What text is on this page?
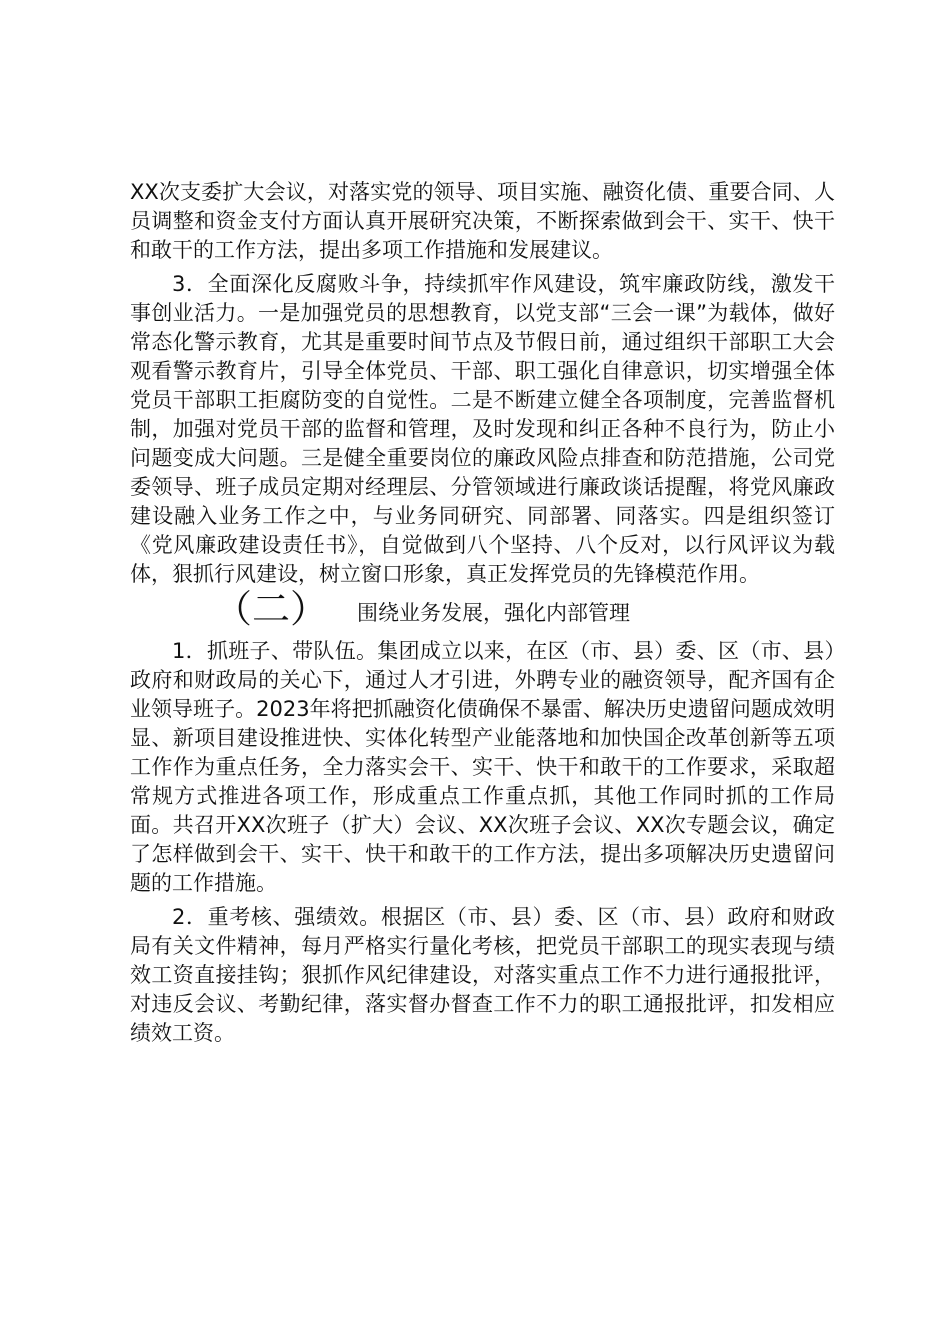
XX次支委扩大会议，对落实党的领导、项目实施、融资化债、重要合同、人员调整和资金支付方面认真开展研究决策，不断探索做到会干、实干、快干和敢干的工作方法，提出多项工作措施和发展建议。

3．全面深化反腐败斗争，持续抓牢作风建设，筑牢廉政防线，激发干事创业活力。一是加强党员的思想教育，以党支部“三会一课”为载体，做好常态化警示教育，尤其是重要时间节点及节假日前，通过组织干部职工大会观看警示教育片，引导全体党员、干部、职工强化自律意识，切实增强全体党员干部职工拒腐防变的自觉性。二是不断建立健全各项制度，完善监督机制，加强对党员干部的监督和管理，及时发现和纠正各种不良行为，防止小问题变成大问题。三是健全重要岗位的廉政风险点排查和防范措施，公司党委领导、班子成员定期对经理层、分管领域进行廉政谈话提醒，将党风廉政建设融入业务工作之中，与业务同研究、同部署、同落实。四是组织签订《党风廉政建设责任书》，自觉做到八个坚持、八个反对，以行风评议为载体，狠抓行风建设，树立窗口形象，真正发挥党员的先锋模范作用。

（二） 围绕业务发展，强化内部管理

1．抓班子、带队伍。集团成立以来，在区（市、县）委、区（市、县）政府和财政局的关心下，通过人才引进，外聘专业的融资领导，配齐国有企业领导班子。2023年将把抓融资化债确保不暴雷、解决历史遗留问题成效明显、新项目建设推进快、实体化转型产业能落地和加快国企改革创新等五项工作作为重点任务，全力落实会干、实干、快干和敢干的工作要求，采取超常规方式推进各项工作，形成重点工作重点抓，其他工作同时抓的工作局面。共召开XX次班子（扩大）会议、XX次班子会议、XX次专题会议，确定了怎样做到会干、实干、快干和敢干的工作方法，提出多项解决历史遗留问题的工作措施。

2．重考核、强绩效。根据区（市、县）委、区（市、县）政府和财政局有关文件精神，每月严格实行量化考核，把党员干部职工的现实表现与绩效工资直接挂钩；狠抓作风纪律建设，对落实重点工作不力进行通报批评，对违反会议、考勤纪律，落实督办督查工作不力的职工通报批评，扣发相应绩效工资。
